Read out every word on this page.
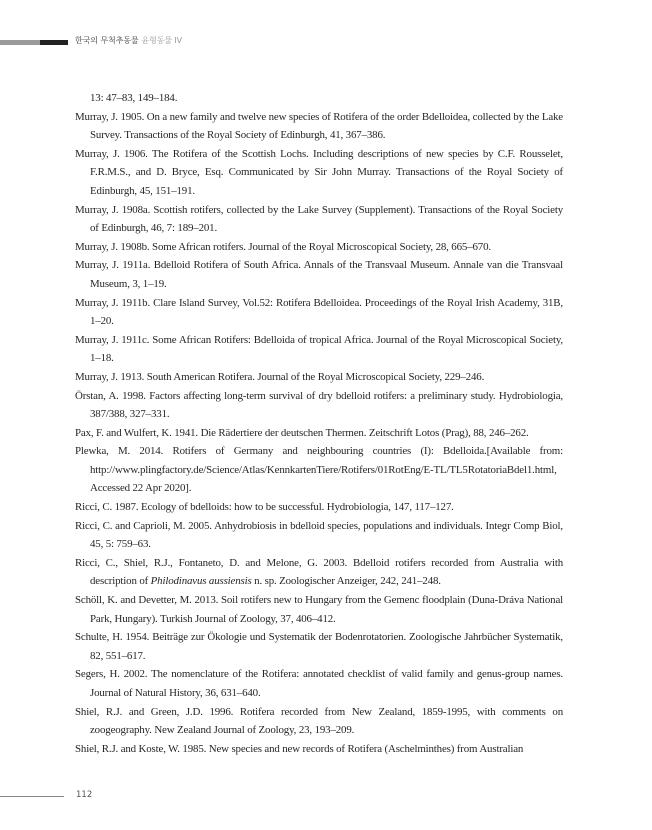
한국의 무척추동물 윤형동물 IV
13: 47–83, 149–184.
Murray, J. 1905. On a new family and twelve new species of Rotifera of the order Bdelloidea, collected by the Lake Survey. Transactions of the Royal Society of Edinburgh, 41, 367–386.
Murray, J. 1906. The Rotifera of the Scottish Lochs. Including descriptions of new species by C.F. Rousselet, F.R.M.S., and D. Bryce, Esq. Communicated by Sir John Murray. Transactions of the Royal Society of Edinburgh, 45, 151–191.
Murray, J. 1908a. Scottish rotifers, collected by the Lake Survey (Supplement). Transactions of the Royal Society of Edinburgh, 46, 7: 189–201.
Murray, J. 1908b. Some African rotifers. Journal of the Royal Microscopical Society, 28, 665–670.
Murray, J. 1911a. Bdelloid Rotifera of South Africa. Annals of the Transvaal Museum. Annale van die Transvaal Museum, 3, 1–19.
Murray, J. 1911b. Clare Island Survey, Vol.52: Rotifera Bdelloidea. Proceedings of the Royal Irish Academy, 31B, 1–20.
Murray, J. 1911c. Some African Rotifers: Bdelloida of tropical Africa. Journal of the Royal Microscopical Society, 1–18.
Murray, J. 1913. South American Rotifera. Journal of the Royal Microscopical Society, 229–246.
Örstan, A. 1998. Factors affecting long-term survival of dry bdelloid rotifers: a preliminary study. Hydrobiologia, 387/388, 327–331.
Pax, F. and Wulfert, K. 1941. Die Rädertiere der deutschen Thermen. Zeitschrift Lotos (Prag), 88, 246–262.
Plewka, M. 2014. Rotifers of Germany and neighbouring countries (I): Bdelloida.[Available from: http://www.plingfactory.de/Science/Atlas/KennkartenTiere/Rotifers/01RotEng/E-TL/TL5RotatoriaBdel1.html, Accessed 22 Apr 2020].
Ricci, C. 1987. Ecology of bdelloids: how to be successful. Hydrobiologia, 147, 117–127.
Ricci, C. and Caprioli, M. 2005. Anhydrobiosis in bdelloid species, populations and individuals. Integr Comp Biol, 45, 5: 759–63.
Ricci, C., Shiel, R.J., Fontaneto, D. and Melone, G. 2003. Bdelloid rotifers recorded from Australia with description of Philodinavus aussiensis n. sp. Zoologischer Anzeiger, 242, 241–248.
Schöll, K. and Devetter, M. 2013. Soil rotifers new to Hungary from the Gemenc floodplain (Duna-Dráva National Park, Hungary). Turkish Journal of Zoology, 37, 406–412.
Schulte, H. 1954. Beiträge zur Ökologie und Systematik der Bodenrotatorien. Zoologische Jahrbücher Systematik, 82, 551–617.
Segers, H. 2002. The nomenclature of the Rotifera: annotated checklist of valid family and genus-group names. Journal of Natural History, 36, 631–640.
Shiel, R.J. and Green, J.D. 1996. Rotifera recorded from New Zealand, 1859-1995, with comments on zoogeography. New Zealand Journal of Zoology, 23, 193–209.
Shiel, R.J. and Koste, W. 1985. New species and new records of Rotifera (Aschelminthes) from Australian
112
